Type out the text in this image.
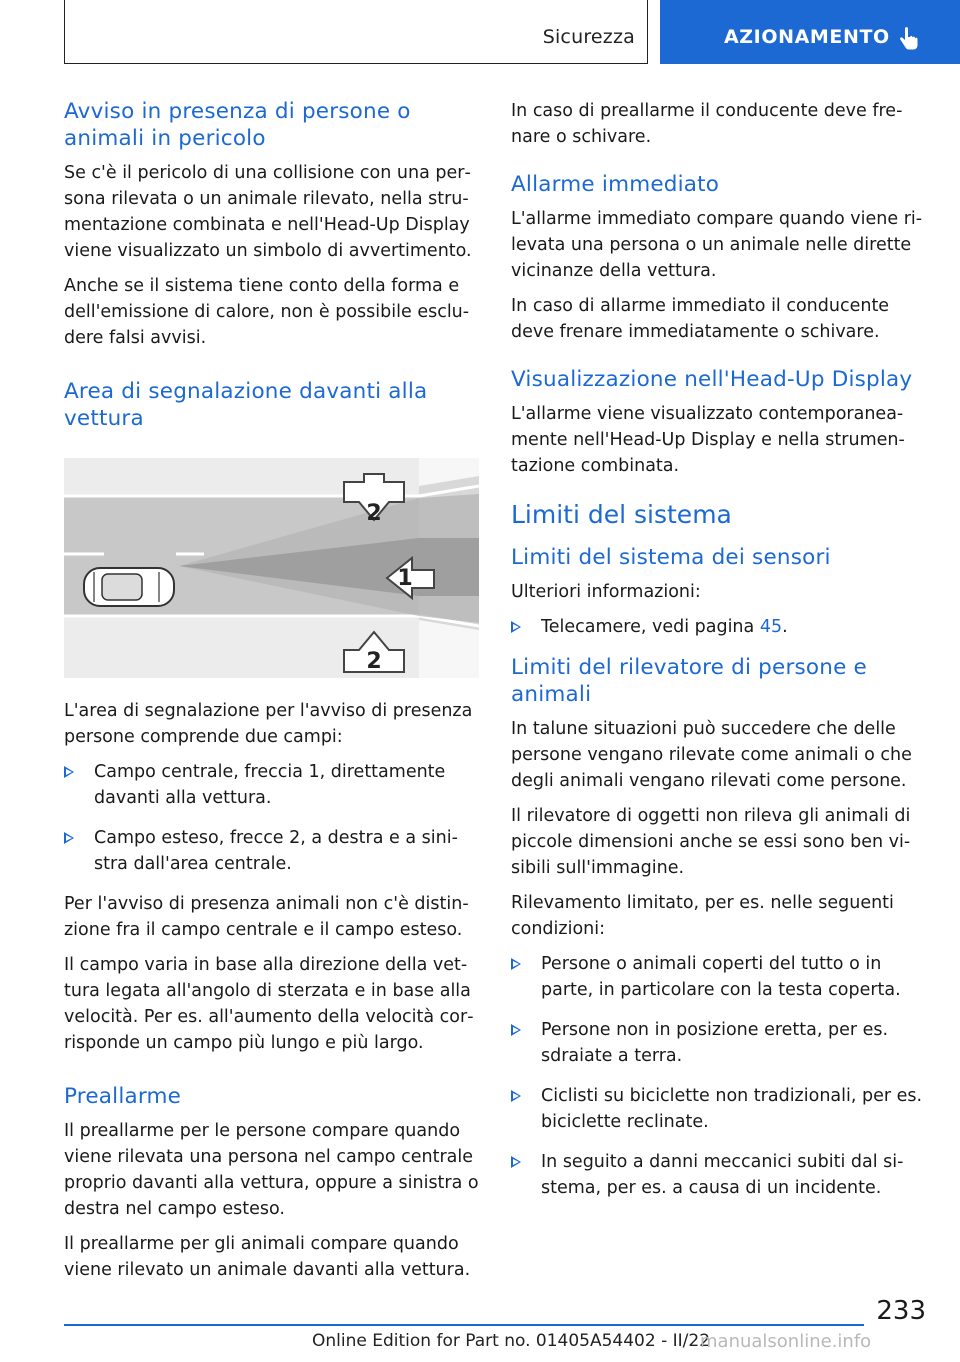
Sicurezza	AZIONAMENTO
Avviso in presenza di persone o animali in pericolo

Se c'è il pericolo di una collisione con una persona rilevata o un animale rilevato, nella strumentazione combinata e nell'Head-Up Display viene visualizzato un simbolo di avvertimento.

Anche se il sistema tiene conto della forma e dell'emissione di calore, non è possibile escludere falsi avvisi.

Area di segnalazione davanti alla vettura
2
1
2

L'area di segnalazione per l'avviso di presenza persone comprende due campi:

Campo centrale, freccia 1, direttamente davanti alla vettura.
Campo esteso, frecce 2, a destra e a sinistra dall'area centrale.

Per l'avviso di presenza animali non c'è distinzione fra il campo centrale e il campo esteso.

Il campo varia in base alla direzione della vettura legata all'angolo di sterzata e in base alla velocità. Per es. all'aumento della velocità corrisponde un campo più lungo e più largo.

Preallarme

Il preallarme per le persone compare quando viene rilevata una persona nel campo centrale proprio davanti alla vettura, oppure a sinistra o destra nel campo esteso.

Il preallarme per gli animali compare quando viene rilevato un animale davanti alla vettura.

In caso di preallarme il conducente deve frenare o schivare.

Allarme immediato

L'allarme immediato compare quando viene rilevata una persona o un animale nelle dirette vicinanze della vettura.

In caso di allarme immediato il conducente deve frenare immediatamente o schivare.

Visualizzazione nell'Head-Up Display

L'allarme viene visualizzato contemporaneamente nell'Head-Up Display e nella strumentazione combinata.

Limiti del sistema
Limiti del sistema dei sensori

Ulteriori informazioni:

Telecamere, vedi pagina 45.
Limiti del rilevatore di persone e animali

In talune situazioni può succedere che delle persone vengano rilevate come animali o che degli animali vengano rilevati come persone.

Il rilevatore di oggetti non rileva gli animali di piccole dimensioni anche se essi sono ben visibili sull'immagine.

Rilevamento limitato, per es. nelle seguenti condizioni:

Persone o animali coperti del tutto o in parte, in particolare con la testa coperta.
Persone non in posizione eretta, per es. sdraiate a terra.
Ciclisti su biciclette non tradizionali, per es. biciclette reclinate.
In seguito a danni meccanici subiti dal sistema, per es. a causa di un incidente.
233
Online Edition for Part no. 01405A54402 - II/22
manualsonline.info
